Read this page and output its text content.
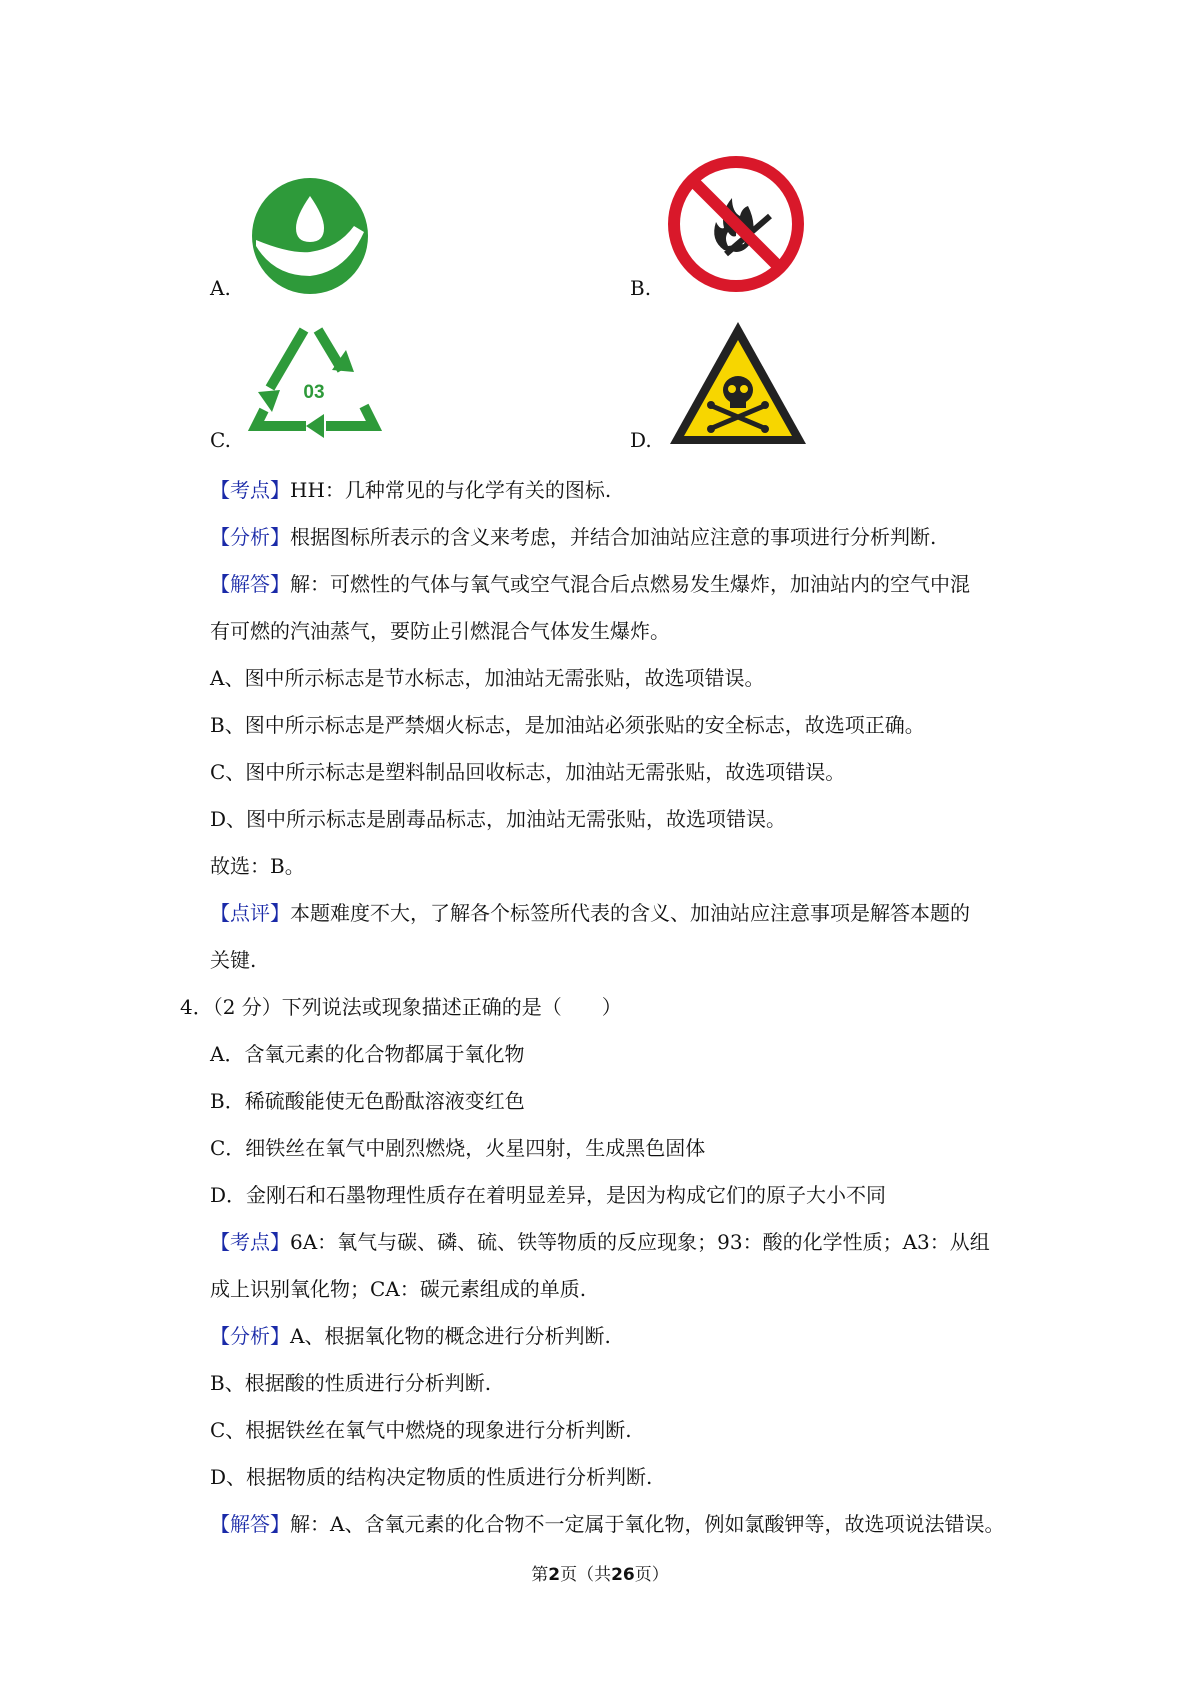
A.	B.
C.
03
D.
【考点】HH：几种常见的与化学有关的图标.
【分析】根据图标所表示的含义来考虑，并结合加油站应注意的事项进行分析判断.
【解答】解：可燃性的气体与氧气或空气混合后点燃易发生爆炸，加油站内的空气中混
有可燃的汽油蒸气，要防止引燃混合气体发生爆炸。
A、图中所示标志是节水标志，加油站无需张贴，故选项错误。
B、图中所示标志是严禁烟火标志，是加油站必须张贴的安全标志，故选项正确。
C、图中所示标志是塑料制品回收标志，加油站无需张贴，故选项错误。
D、图中所示标志是剧毒品标志，加油站无需张贴，故选项错误。
故选：B。
【点评】本题难度不大，了解各个标签所代表的含义、加油站应注意事项是解答本题的
关键.
4．（2 分）下列说法或现象描述正确的是（　　）
A．含氧元素的化合物都属于氧化物
B．稀硫酸能使无色酚酞溶液变红色
C．细铁丝在氧气中剧烈燃烧，火星四射，生成黑色固体
D．金刚石和石墨物理性质存在着明显差异，是因为构成它们的原子大小不同
【考点】6A：氧气与碳、磷、硫、铁等物质的反应现象；93：酸的化学性质；A3：从组
成上识别氧化物；CA：碳元素组成的单质.
【分析】A、根据氧化物的概念进行分析判断.
B、根据酸的性质进行分析判断.
C、根据铁丝在氧气中燃烧的现象进行分析判断.
D、根据物质的结构决定物质的性质进行分析判断.
【解答】解：A、含氧元素的化合物不一定属于氧化物，例如氯酸钾等，故选项说法错误。
第2页（共26页）
